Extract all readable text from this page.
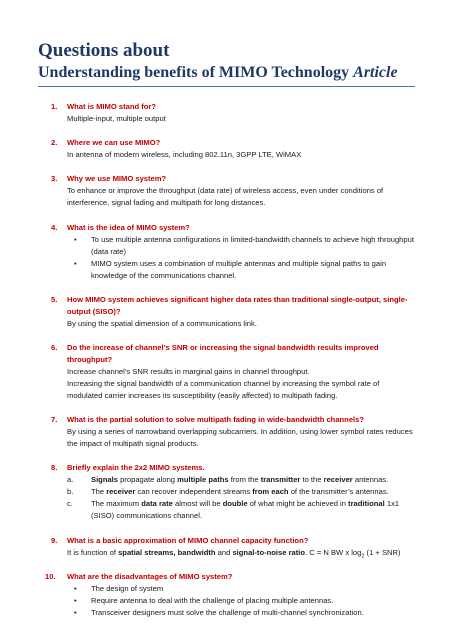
Questions about
Understanding benefits of MIMO Technology Article
1. What is MIMO stand for?
Multiple-input, multiple output
2. Where we can use MIMO?
In antenna of modern wireless, including 802.11n, 3GPP LTE, WiMAX
3. Why we use MIMO system?
To enhance or improve the throughput (data rate) of wireless access, even under conditions of interference, signal fading and multipath for long distances.
4. What is the idea of MIMO system?
• To use multiple antenna configurations in limited-bandwidth channels to achieve high throughput (data rate)
• MIMO system uses a combination of multiple antennas and multiple signal paths to gain knowledge of the communications channel.
5. How MIMO system achieves significant higher data rates than traditional single-output, single-output (SISO)?
By using the spatial dimension of a communications link.
6. Do the increase of channel’s SNR or increasing the signal bandwidth results improved throughput?
Increase channel’s SNR results in marginal gains in channel throughput.
Increasing the signal bandwidth of a communication channel by increasing the symbol rate of modulated carrier increases its susceptibility (easily affected) to multipath fading.
7. What is the partial solution to solve multipath fading in wide-bandwidth channels?
By using a series of narrowband overlapping subcarriers. In addition, using lower symbol rates reduces the impact of multipath signal products.
8. Briefly explain the 2x2 MIMO systems.
a. Signals propagate along multiple paths from the transmitter to the receiver antennas.
b. The receiver can recover independent streams from each of the transmitter’s antennas.
c. The maximum data rate almost will be double of what might be achieved in traditional 1x1 (SISO) communications channel.
9. What is a basic approximation of MIMO channel capacity function?
It is function of spatial streams, bandwidth and signal-to-noise ratio. C = N BW x $\log_2 (1 + SNR)$
10. What are the disadvantages of MIMO system?
• The design of system
• Require antenna to deal with the challenge of placing multiple antennas.
• Transceiver designers must solve the challenge of multi-channel synchronization.
